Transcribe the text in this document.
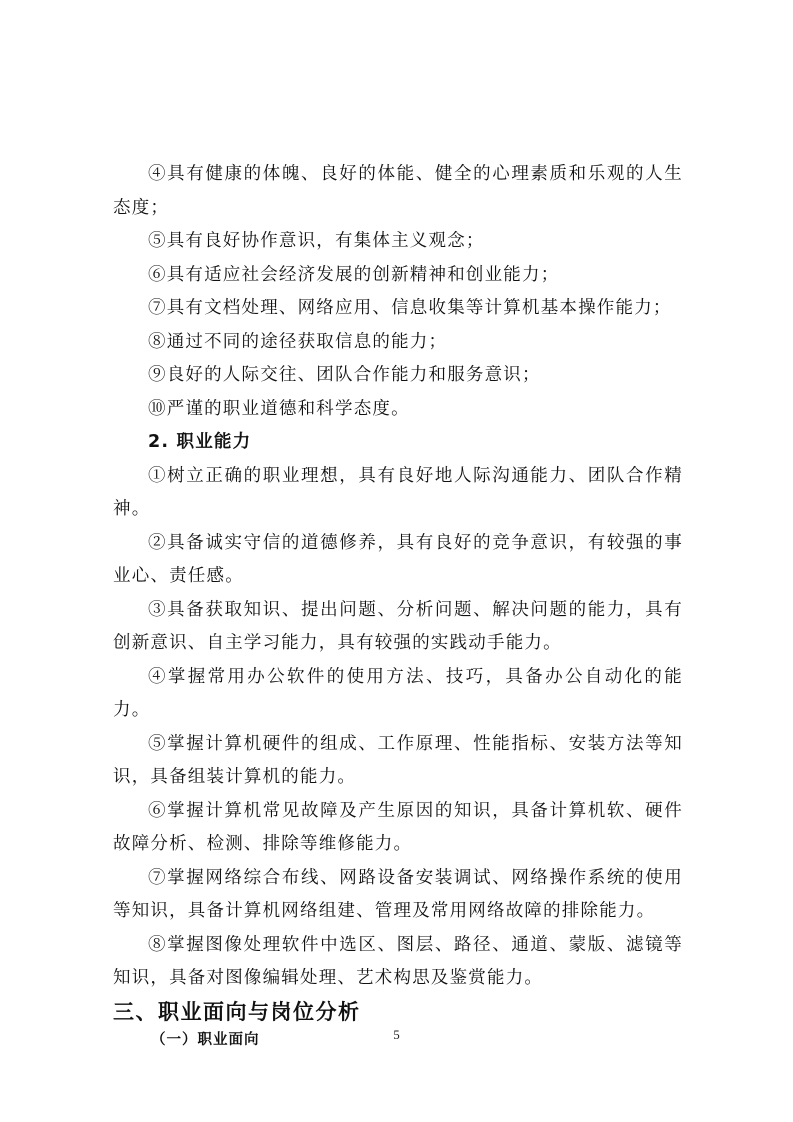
④具有健康的体魄、良好的体能、健全的心理素质和乐观的人生态度；

⑤具有良好协作意识，有集体主义观念；

⑥具有适应社会经济发展的创新精神和创业能力；

⑦具有文档处理、网络应用、信息收集等计算机基本操作能力；

⑧通过不同的途径获取信息的能力；

⑨良好的人际交往、团队合作能力和服务意识；

⑩严谨的职业道德和科学态度。

2. 职业能力

①树立正确的职业理想，具有良好地人际沟通能力、团队合作精神。

②具备诚实守信的道德修养，具有良好的竞争意识，有较强的事业心、责任感。

③具备获取知识、提出问题、分析问题、解决问题的能力，具有创新意识、自主学习能力，具有较强的实践动手能力。

④掌握常用办公软件的使用方法、技巧，具备办公自动化的能力。

⑤掌握计算机硬件的组成、工作原理、性能指标、安装方法等知识，具备组装计算机的能力。

⑥掌握计算机常见故障及产生原因的知识，具备计算机软、硬件故障分析、检测、排除等维修能力。

⑦掌握网络综合布线、网路设备安装调试、网络操作系统的使用等知识，具备计算机网络组建、管理及常用网络故障的排除能力。

⑧掌握图像处理软件中选区、图层、路径、通道、蒙版、滤镜等知识，具备对图像编辑处理、艺术构思及鉴赏能力。

三、职业面向与岗位分析

（一）职业面向	5
